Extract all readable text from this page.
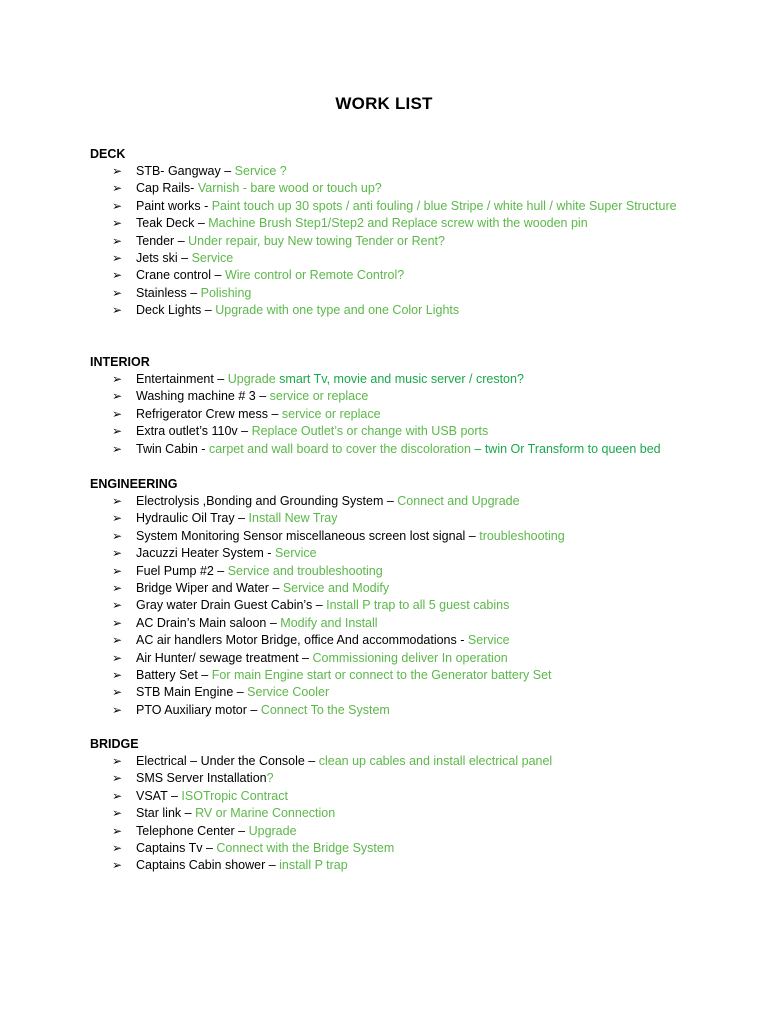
WORK LIST
DECK
➢ STB- Gangway – Service ?
➢ Cap Rails- Varnish - bare wood or touch up?
➢ Paint works - Paint touch up 30 spots / anti fouling / blue Stripe / white hull / white Super Structure
➢ Teak Deck – Machine Brush Step1/Step2 and Replace screw with the wooden pin
➢ Tender – Under repair, buy New towing Tender or Rent?
➢ Jets ski – Service
➢ Crane control – Wire control or Remote Control?
➢ Stainless – Polishing
➢ Deck Lights – Upgrade with one type and one Color Lights
INTERIOR
➢ Entertainment – Upgrade smart Tv, movie and music server / creston?
➢ Washing machine # 3 – service or replace
➢ Refrigerator Crew mess – service or replace
➢ Extra outlet’s 110v – Replace Outlet’s or change with USB ports
➢ Twin Cabin - carpet and wall board to cover the discoloration – twin Or Transform to queen bed
ENGINEERING
➢ Electrolysis ,Bonding and Grounding System – Connect and Upgrade
➢ Hydraulic Oil Tray – Install New Tray
➢ System Monitoring Sensor miscellaneous screen lost signal – troubleshooting
➢ Jacuzzi Heater System - Service
➢ Fuel Pump #2 – Service and troubleshooting
➢ Bridge Wiper and Water – Service and Modify
➢ Gray water Drain Guest Cabin’s – Install P trap to all 5 guest cabins
➢ AC Drain’s Main saloon – Modify and Install
➢ AC air handlers Motor Bridge, office And accommodations - Service
➢ Air Hunter/ sewage treatment – Commissioning deliver In operation
➢ Battery Set – For main Engine start or connect to the Generator battery Set
➢ STB Main Engine – Service Cooler
➢ PTO Auxiliary motor – Connect To the System
BRIDGE
➢ Electrical – Under the Console – clean up cables and install electrical panel
➢ SMS Server Installation?
➢ VSAT – ISOTropic Contract
➢ Star link – RV or Marine Connection
➢ Telephone Center – Upgrade
➢ Captains Tv – Connect with the Bridge System
➢ Captains Cabin shower – install P trap
